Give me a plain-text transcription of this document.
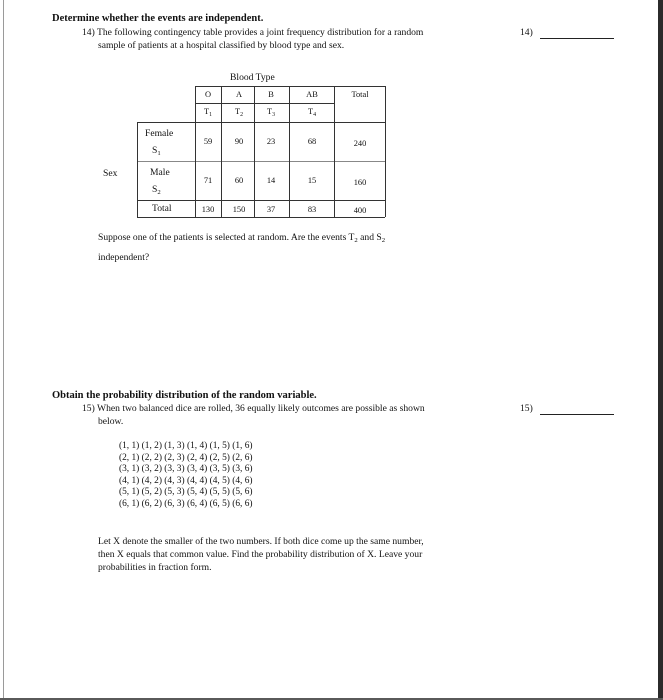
Determine whether the events are independent.
14) The following contingency table provides a joint frequency distribution for a random
sample of patients at a hospital classified by blood type and sex.
14)
Blood Type
O	A	B	AB	Total
$T_1$	$T_2$	$T_3$	$T_4$
Sex
Female
$S_1$
59	90	23	68	240
Male
$S_2$
71	60	14	15	160
Total	130	150	37	83	400
Suppose one of the patients is selected at random. Are the events $T_2$ and $S_2$
independent?
Obtain the probability distribution of the random variable.
15) When two balanced dice are rolled, 36 equally likely outcomes are possible as shown
below.
15)
(1, 1) (1, 2) (1, 3) (1, 4) (1, 5) (1, 6)
(2, 1) (2, 2) (2, 3) (2, 4) (2, 5) (2, 6)
(3, 1) (3, 2) (3, 3) (3, 4) (3, 5) (3, 6)
(4, 1) (4, 2) (4, 3) (4, 4) (4, 5) (4, 6)
(5, 1) (5, 2) (5, 3) (5, 4) (5, 5) (5, 6)
(6, 1) (6, 2) (6, 3) (6, 4) (6, 5) (6, 6)
Let X denote the smaller of the two numbers. If both dice come up the same number,
then X equals that common value. Find the probability distribution of X. Leave your
probabilities in fraction form.
